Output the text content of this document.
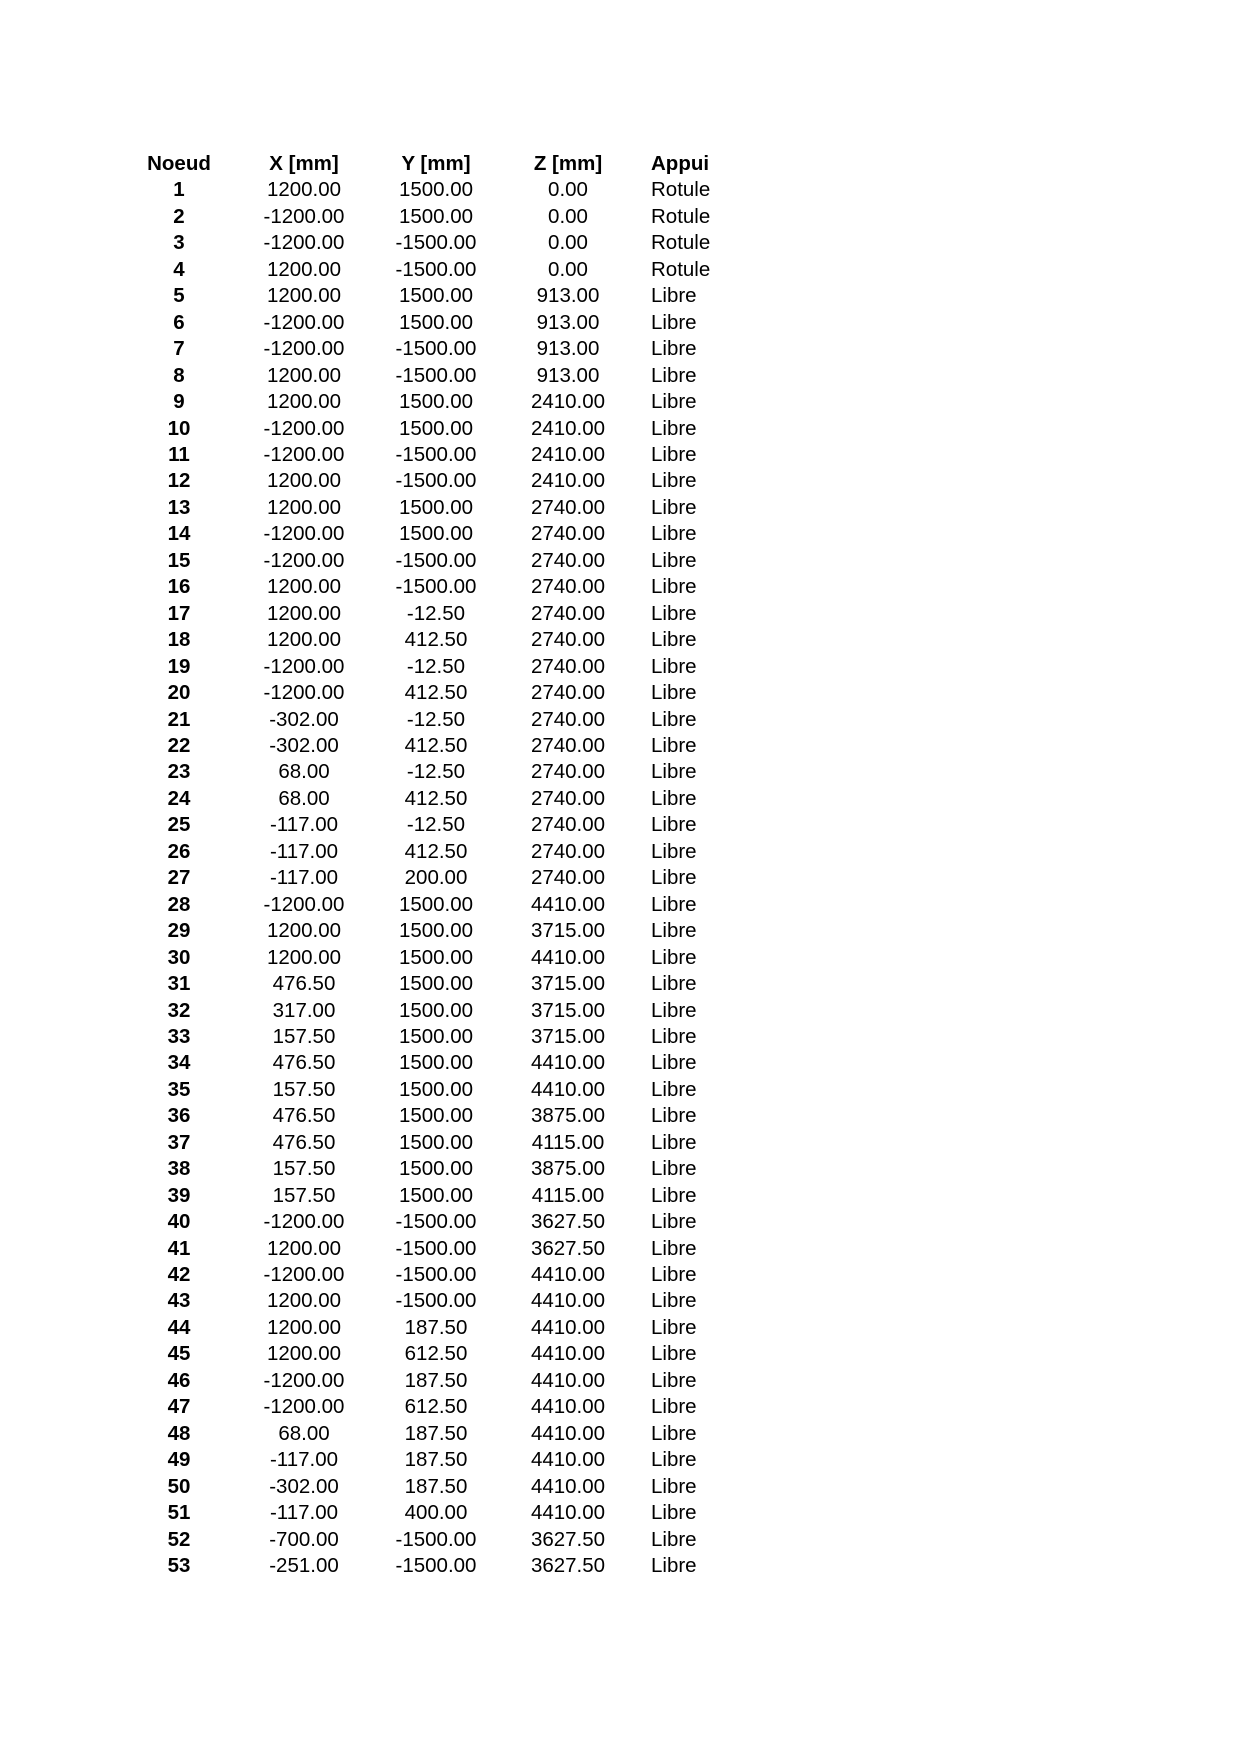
Noeud	X [mm]	Y [mm]	Z [mm]	Appui
1	1200.00	1500.00	0.00	Rotule
2	-1200.00	1500.00	0.00	Rotule
3	-1200.00	-1500.00	0.00	Rotule
4	1200.00	-1500.00	0.00	Rotule
5	1200.00	1500.00	913.00	Libre
6	-1200.00	1500.00	913.00	Libre
7	-1200.00	-1500.00	913.00	Libre
8	1200.00	-1500.00	913.00	Libre
9	1200.00	1500.00	2410.00	Libre
10	-1200.00	1500.00	2410.00	Libre
11	-1200.00	-1500.00	2410.00	Libre
12	1200.00	-1500.00	2410.00	Libre
13	1200.00	1500.00	2740.00	Libre
14	-1200.00	1500.00	2740.00	Libre
15	-1200.00	-1500.00	2740.00	Libre
16	1200.00	-1500.00	2740.00	Libre
17	1200.00	-12.50	2740.00	Libre
18	1200.00	412.50	2740.00	Libre
19	-1200.00	-12.50	2740.00	Libre
20	-1200.00	412.50	2740.00	Libre
21	-302.00	-12.50	2740.00	Libre
22	-302.00	412.50	2740.00	Libre
23	68.00	-12.50	2740.00	Libre
24	68.00	412.50	2740.00	Libre
25	-117.00	-12.50	2740.00	Libre
26	-117.00	412.50	2740.00	Libre
27	-117.00	200.00	2740.00	Libre
28	-1200.00	1500.00	4410.00	Libre
29	1200.00	1500.00	3715.00	Libre
30	1200.00	1500.00	4410.00	Libre
31	476.50	1500.00	3715.00	Libre
32	317.00	1500.00	3715.00	Libre
33	157.50	1500.00	3715.00	Libre
34	476.50	1500.00	4410.00	Libre
35	157.50	1500.00	4410.00	Libre
36	476.50	1500.00	3875.00	Libre
37	476.50	1500.00	4115.00	Libre
38	157.50	1500.00	3875.00	Libre
39	157.50	1500.00	4115.00	Libre
40	-1200.00	-1500.00	3627.50	Libre
41	1200.00	-1500.00	3627.50	Libre
42	-1200.00	-1500.00	4410.00	Libre
43	1200.00	-1500.00	4410.00	Libre
44	1200.00	187.50	4410.00	Libre
45	1200.00	612.50	4410.00	Libre
46	-1200.00	187.50	4410.00	Libre
47	-1200.00	612.50	4410.00	Libre
48	68.00	187.50	4410.00	Libre
49	-117.00	187.50	4410.00	Libre
50	-302.00	187.50	4410.00	Libre
51	-117.00	400.00	4410.00	Libre
52	-700.00	-1500.00	3627.50	Libre
53	-251.00	-1500.00	3627.50	Libre
